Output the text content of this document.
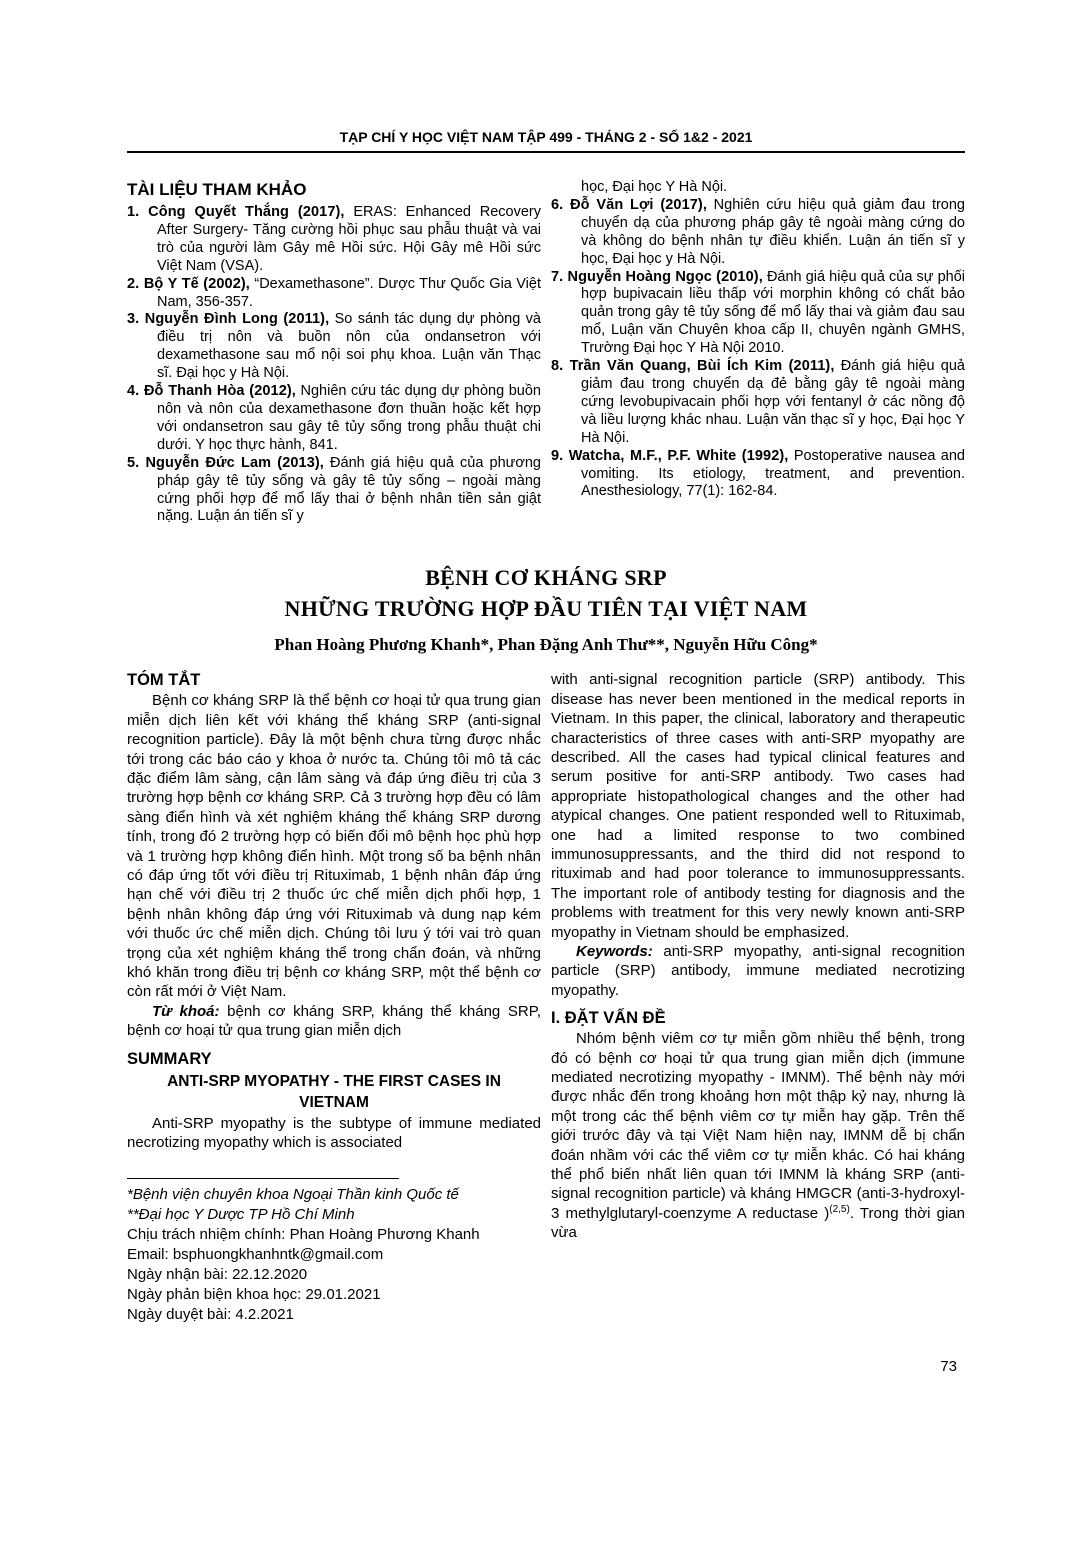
TẠP CHÍ Y HỌC VIỆT NAM TẬP 499 - THÁNG 2 - SỐ 1&2 - 2021
TÀI LIỆU THAM KHẢO
1. Công Quyết Thắng (2017), ERAS: Enhanced Recovery After Surgery- Tăng cường hồi phục sau phẫu thuật và vai trò của người làm Gây mê Hồi sức. Hội Gây mê Hồi sức Việt Nam (VSA).
2. Bộ Y Tế (2002), “Dexamethasone”. Dược Thư Quốc Gia Việt Nam, 356-357.
3. Nguyễn Đình Long (2011), So sánh tác dụng dự phòng và điều trị nôn và buồn nôn của ondansetron với dexamethasone sau mổ nội soi phụ khoa. Luận văn Thạc sĩ. Đại học y Hà Nội.
4. Đỗ Thanh Hòa (2012), Nghiên cứu tác dụng dự phòng buồn nôn và nôn của dexamethasone đơn thuần hoặc kết hợp với ondansetron sau gây tê tủy sống trong phẫu thuật chi dưới. Y học thực hành, 841.
5. Nguyễn Đức Lam (2013), Đánh giá hiệu quả của phương pháp gây tê tủy sống và gây tê tủy sống – ngoài màng cứng phối hợp để mổ lấy thai ở bệnh nhân tiền sản giật nặng. Luận án tiến sĩ y
học, Đại học Y Hà Nội.
6. Đỗ Văn Lợi (2017), Nghiên cứu hiệu quả giảm đau trong chuyển dạ của phương pháp gây tê ngoài màng cứng do và không do bệnh nhân tự điều khiển. Luận án tiến sĩ y học, Đại học y Hà Nội.
7. Nguyễn Hoàng Ngọc (2010), Đánh giá hiệu quả của sự phối hợp bupivacain liều thấp với morphin không có chất bảo quản trong gây tê tủy sống để mổ lấy thai và giảm đau sau mổ, Luận văn Chuyên khoa cấp II, chuyên ngành GMHS, Trường Đại học Y Hà Nội 2010.
8. Trần Văn Quang, Bùi Ích Kim (2011), Đánh giá hiệu quả giảm đau trong chuyển dạ đẻ bằng gây tê ngoài màng cứng levobupivacain phối hợp với fentanyl ở các nồng độ và liều lượng khác nhau. Luận văn thạc sĩ y học, Đại học Y Hà Nội.
9. Watcha, M.F., P.F. White (1992), Postoperative nausea and vomiting. Its etiology, treatment, and prevention. Anesthesiology, 77(1): 162-84.
BỆNH CƠ KHÁNG SRP
NHỮNG TRƯỜNG HỢP ĐẦU TIÊN TẠI VIỆT NAM
Phan Hoàng Phương Khanh*, Phan Đặng Anh Thư**, Nguyễn Hữu Công*
TÓM TẮT

Bệnh cơ kháng SRP là thể bệnh cơ hoại tử qua trung gian miễn dịch liên kết với kháng thể kháng SRP (anti-signal recognition particle). Đây là một bệnh chưa từng được nhắc tới trong các báo cáo y khoa ở nước ta. Chúng tôi mô tả các đặc điểm lâm sàng, cận lâm sàng và đáp ứng điều trị của 3 trường hợp bệnh cơ kháng SRP. Cả 3 trường hợp đều có lâm sàng điển hình và xét nghiệm kháng thể kháng SRP dương tính, trong đó 2 trường hợp có biến đổi mô bệnh học phù hợp và 1 trường hợp không điển hình. Một trong số ba bệnh nhân có đáp ứng tốt với điều trị Rituximab, 1 bệnh nhân đáp ứng hạn chế với điều trị 2 thuốc ức chế miễn dịch phối hợp, 1 bệnh nhân không đáp ứng với Rituximab và dung nạp kém với thuốc ức chế miễn dịch. Chúng tôi lưu ý tới vai trò quan trọng của xét nghiệm kháng thể trong chẩn đoán, và những khó khăn trong điều trị bệnh cơ kháng SRP, một thể bệnh cơ còn rất mới ở Việt Nam.

Từ khoá: bệnh cơ kháng SRP, kháng thể kháng SRP, bệnh cơ hoại tử qua trung gian miễn dịch

SUMMARY
ANTI-SRP MYOPATHY - THE FIRST CASES IN VIETNAM

Anti-SRP myopathy is the subtype of immune mediated necrotizing myopathy which is associated

*Bệnh viện chuyên khoa Ngoại Thần kinh Quốc tế
**Đại học Y Dược TP Hồ Chí Minh
Chịu trách nhiệm chính: Phan Hoàng Phương Khanh
Email: bsphuongkhanhntk@gmail.com
Ngày nhận bài: 22.12.2020
Ngày phản biện khoa học: 29.01.2021
Ngày duyệt bài: 4.2.2021

with anti-signal recognition particle (SRP) antibody. This disease has never been mentioned in the medical reports in Vietnam. In this paper, the clinical, laboratory and therapeutic characteristics of three cases with anti-SRP myopathy are described. All the cases had typical clinical features and serum positive for anti-SRP antibody. Two cases had appropriate histopathological changes and the other had atypical changes. One patient responded well to Rituximab, one had a limited response to two combined immunosuppressants, and the third did not respond to rituximab and had poor tolerance to immunosuppressants. The important role of antibody testing for diagnosis and the problems with treatment for this very newly known anti-SRP myopathy in Vietnam should be emphasized.

Keywords: anti-SRP myopathy, anti-signal recognition particle (SRP) antibody, immune mediated necrotizing myopathy.

I. ĐẶT VẤN ĐỀ

Nhóm bệnh viêm cơ tự miễn gồm nhiều thể bệnh, trong đó có bệnh cơ hoại tử qua trung gian miễn dịch (immune mediated necrotizing myopathy - IMNM). Thể bệnh này mới được nhắc đến trong khoảng hơn một thập kỷ nay, nhưng là một trong các thể bệnh viêm cơ tự miễn hay gặp. Trên thế giới trước đây và tại Việt Nam hiện nay, IMNM dễ bị chẩn đoán nhầm với các thể viêm cơ tự miễn khác. Có hai kháng thể phổ biến nhất liên quan tới IMNM là kháng SRP (anti-signal recognition particle) và kháng HMGCR (anti-3-hydroxyl-3 methylglutaryl-coenzyme A reductase )$^{(2,5)}$. Trong thời gian vừa

73
